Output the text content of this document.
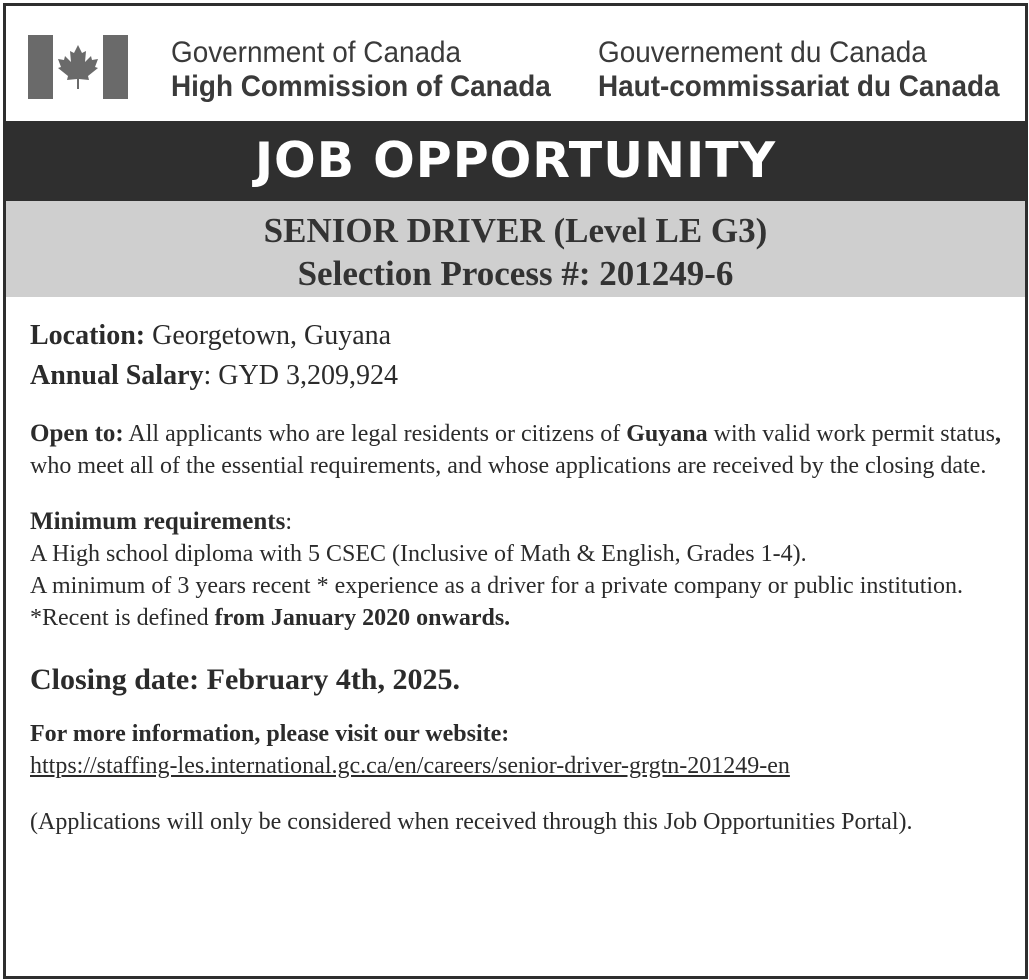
Government of Canada
High Commission of Canada
Gouvernement du Canada
Haut-commissariat du Canada
JOB OPPORTUNITY
SENIOR DRIVER (Level LE G3)
Selection Process #: 201249-6

Location: Georgetown, Guyana

Annual Salary: GYD 3,209,924

Open to: All applicants who are legal residents or citizens of Guyana with valid work permit status, who meet all of the essential requirements, and whose applications are received by the closing date.

Minimum requirements:

A High school diploma with 5 CSEC (Inclusive of Math & English, Grades 1-4).

A minimum of 3 years recent * experience as a driver for a private company or public institution. *Recent is defined from January 2020 onwards.

Closing date: February 4th, 2025.

For more information, please visit our website:

https://staffing-les.international.gc.ca/en/careers/senior-driver-grgtn-201249-en

(Applications will only be considered when received through this Job Opportunities Portal).
